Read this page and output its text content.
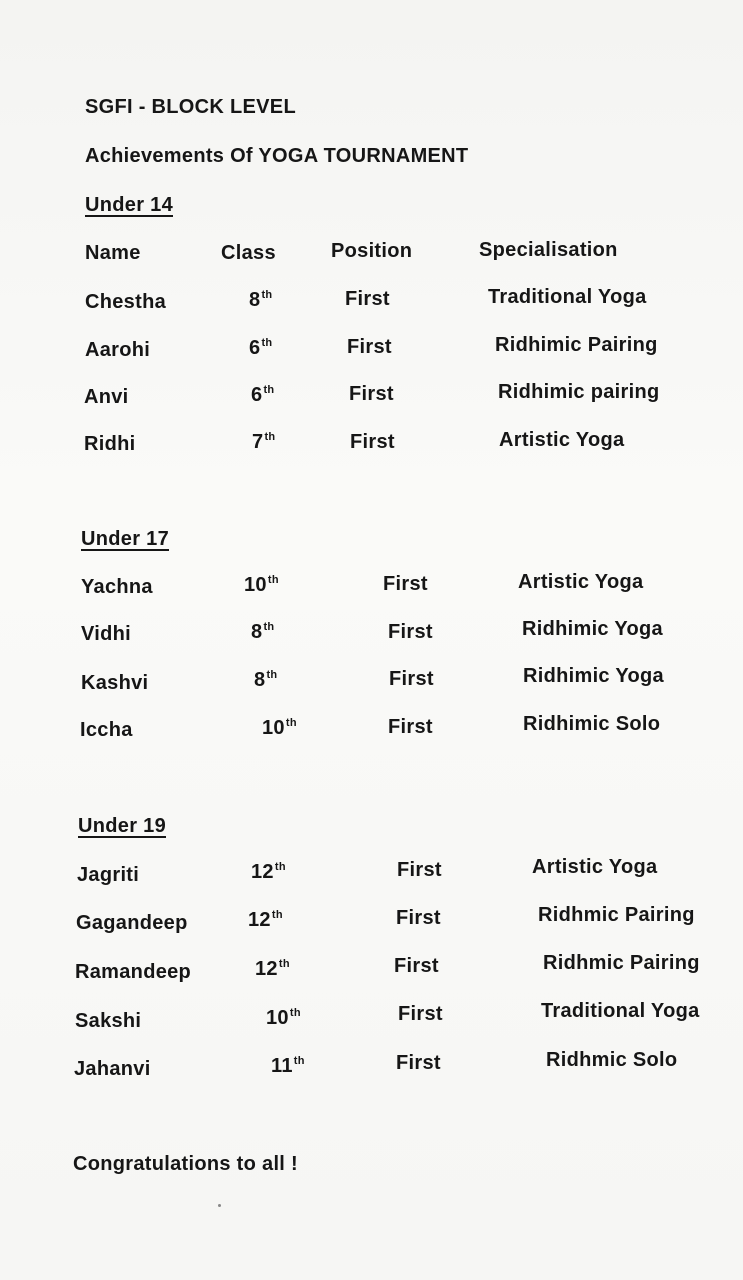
SGFI - BLOCK LEVEL
Achievements Of YOGA TOURNAMENT
Under 14
Name	Class	Position	Specialisation
Chestha	8th	First	Traditional Yoga
Aarohi	6th	First	Ridhimic Pairing
Anvi	6th	First	Ridhimic pairing
Ridhi	7th	First	Artistic Yoga
Under 17
Yachna	10th	First	Artistic Yoga
Vidhi	8th	First	Ridhimic Yoga
Kashvi	8th	First	Ridhimic Yoga
Iccha	10th	First	Ridhimic Solo
Under 19
Jagriti	12th	First	Artistic Yoga
Gagandeep	12th	First	Ridhmic Pairing
Ramandeep	12th	First	Ridhmic Pairing
Sakshi	10th	First	Traditional Yoga
Jahanvi	11th	First	Ridhmic Solo
Congratulations to all !
